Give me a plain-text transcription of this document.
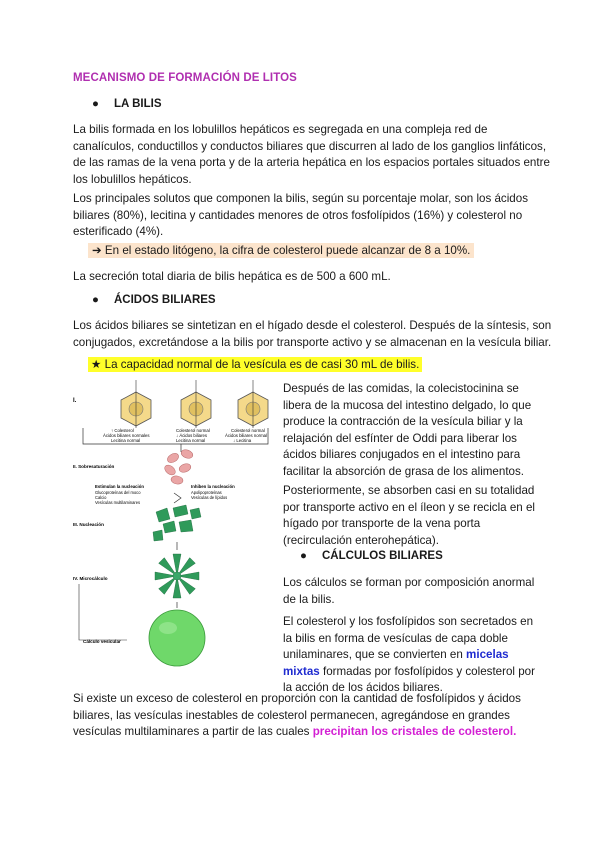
MECANISMO DE FORMACIÓN DE LITOS
● LA BILIS

La bilis formada en los lobulillos hepáticos es segregada en una compleja red de

canalículos, conductillos y conductos biliares que discurren al lado de los ganglios linfáticos,

de las ramas de la vena porta y de la arteria hepática en los espacios portales situados entre

los lobulillos hepáticos.

Los principales solutos que componen la bilis, según su porcentaje molar, son los ácidos

biliares (80%), lecitina y cantidades menores de otros fosfolípidos (16%) y colesterol no

esterificado (4%).

➔ En el estado litógeno, la cifra de colesterol puede alcanzar de 8 a 10%.

La secreción total diaria de bilis hepática es de 500 a 600 mL.

● ÁCIDOS BILIARES

Los ácidos biliares se sintetizan en el hígado desde el colesterol. Después de la síntesis, son

conjugados, excretándose a la bilis por transporte activo y se almacenan en la vesícula biliar.

★ La capacidad normal de la vesícula es de casi 30 mL de bilis.
I.
↑ Colesterol
Ácidos biliares normales
Lecitina normal
Colesterol normal
↓ Ácidos biliares
Lecitina normal
Colesterol normal
Ácidos biliares normal
↓ Lecitina
II. Sobresaturación
Estimulan la nucleación
Glucoproteínas del moco
Calcio
Vesículas multilaminares
Inhiben la nucleación
Apolipoproteínas
Vesículas de lípidos
III. Nucleación
IV. Microcálculo
Cálculo vesicular

Después de las comidas, la colecistocinina se

libera de la mucosa del intestino delgado, lo que

produce la contracción de la vesícula biliar y la

relajación del esfínter de Oddi para liberar los

ácidos biliares conjugados en el intestino para

facilitar la absorción de grasa de los alimentos.

Posteriormente, se absorben casi en su totalidad

por transporte activo en el íleon y se recicla en el

hígado por transporte de la vena porta

(recirculación enterohepática).

● CÁLCULOS BILIARES

Los cálculos se forman por composición anormal

de la bilis.

El colesterol y los fosfolípidos son secretados en

la bilis en forma de vesículas de capa doble

unilaminares, que se convierten en micelas

mixtas formadas por fosfolípidos y colesterol por

la acción de los ácidos biliares.

Si existe un exceso de colesterol en proporción con la cantidad de fosfolípidos y ácidos

biliares, las vesículas inestables de colesterol permanecen, agregándose en grandes

vesículas multilaminares a partir de las cuales precipitan los cristales de colesterol.
